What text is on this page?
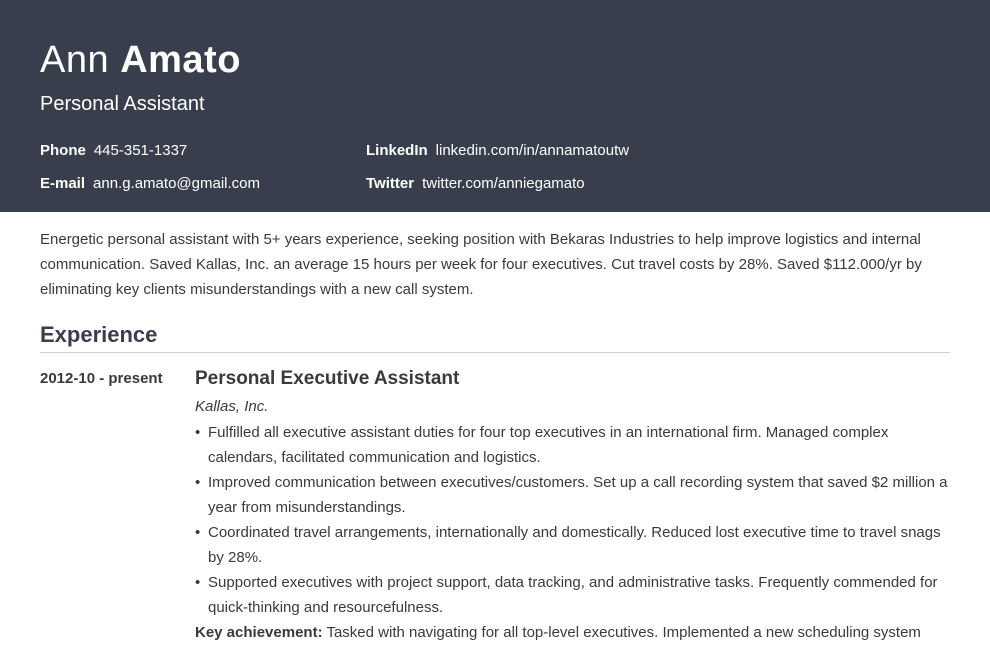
Ann Amato
Personal Assistant
Phone 445-351-1337
E-mail ann.g.amato@gmail.com
LinkedIn linkedin.com/in/annamatoutw
Twitter twitter.com/anniegamato

Energetic personal assistant with 5+ years experience, seeking position with Bekaras Industries to help improve logistics and internal communication. Saved Kallas, Inc. an average 15 hours per week for four executives. Cut travel costs by 28%. Saved $112.000/yr by eliminating key clients misunderstandings with a new call system.

Experience
2012-10 - present Personal Executive Assistant
Kallas, Inc.
• Fulfilled all executive assistant duties for four top executives in an international firm. Managed complex calendars, facilitated communication and logistics.
• Improved communication between executives/customers. Set up a call recording system that saved $2 million a year from misunderstandings.
• Coordinated travel arrangements, internationally and domestically. Reduced lost executive time to travel snags by 28%.
• Supported executives with project support, data tracking, and administrative tasks. Frequently commended for quick-thinking and resourcefulness.
Key achievement: Tasked with navigating for all top-level executives. Implemented a new scheduling system
